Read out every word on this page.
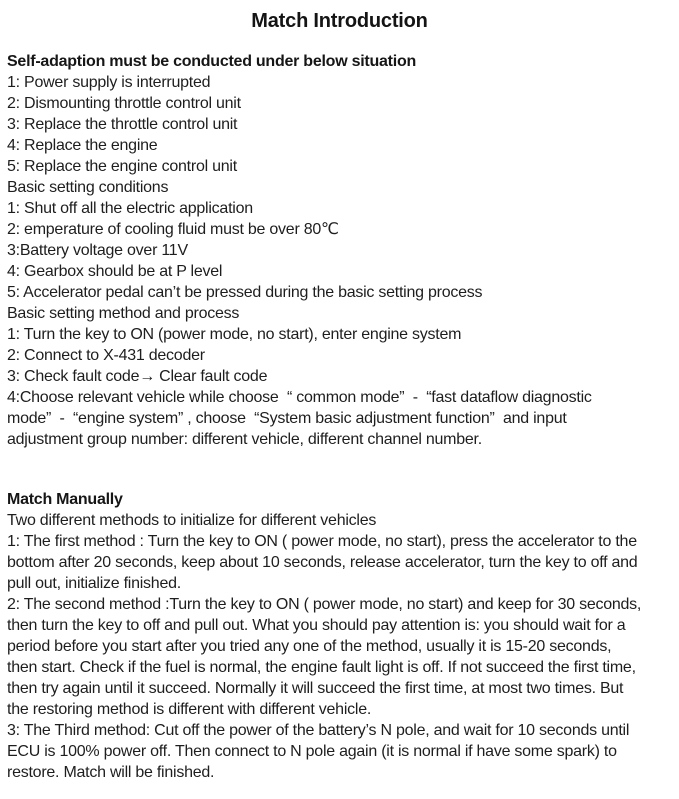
Match Introduction

Self-adaption must be conducted under below situation

1: Power supply is interrupted

2: Dismounting throttle control unit

3: Replace the throttle control unit

4: Replace the engine

5: Replace the engine control unit

Basic setting conditions

1: Shut off all the electric application

2: emperature of cooling fluid must be over 80℃

3:Battery voltage over 11V

4: Gearbox should be at P level

5: Accelerator pedal can’t be pressed during the basic setting process

Basic setting method and process

1: Turn the key to ON (power mode, no start), enter engine system

2: Connect to X-431 decoder

3: Check fault code→ Clear fault code

4:Choose relevant vehicle while choose  “ common mode”  -  “fast dataflow diagnostic

mode”  -  “engine system” , choose  “System basic adjustment function”  and input

adjustment group number: different vehicle, different channel number.

Match Manually

Two different methods to initialize for different vehicles

1: The first method : Turn the key to ON ( power mode, no start), press the accelerator to the

bottom after 20 seconds, keep about 10 seconds, release accelerator, turn the key to off and

pull out, initialize finished.

2: The second method :Turn the key to ON ( power mode, no start) and keep for 30 seconds,

then turn the key to off and pull out. What you should pay attention is: you should wait for a

period before you start after you tried any one of the method, usually it is 15-20 seconds,

then start. Check if the fuel is normal, the engine fault light is off. If not succeed the first time,

then try again until it succeed. Normally it will succeed the first time, at most two times. But

the restoring method is different with different vehicle.

3: The Third method: Cut off the power of the battery’s N pole, and wait for 10 seconds until

ECU is 100% power off. Then connect to N pole again (it is normal if have some spark) to

restore. Match will be finished.
